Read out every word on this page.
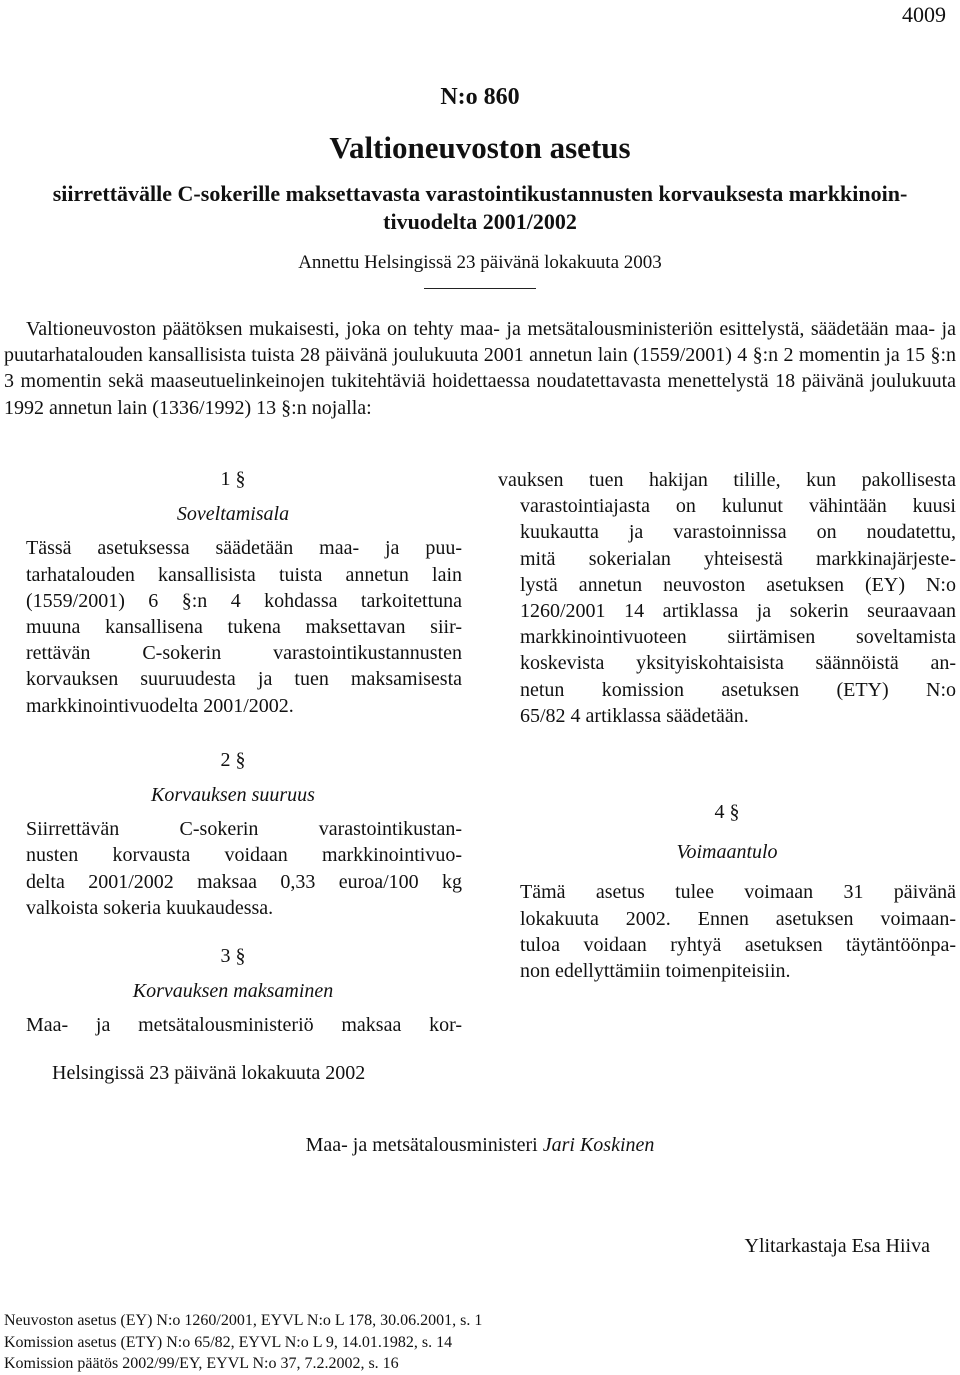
4009
N:o 860
Valtioneuvoston asetus
siirrettävälle C-sokerille maksettavasta varastointikustannusten korvauksesta markkinoin-
tivuodelta 2001/2002
Annettu Helsingissä 23 päivänä lokakuuta 2003
Valtioneuvoston päätöksen mukaisesti, joka on tehty maa- ja metsätalousministeriön esittelystä, säädetään maa- ja puutarhatalouden kansallisista tuista 28 päivänä joulukuuta 2001 annetun lain (1559/2001) 4 §:n 2 momentin ja 15 §:n 3 momentin sekä maaseutuelinkeinojen tukitehtäviä hoidettaessa noudatettavasta menettelystä 18 päivänä joulukuuta 1992 annetun lain (1336/1992) 13 §:n nojalla:
1 §
Soveltamisala
Tässä asetuksessa säädetään maa- ja puu-
tarhatalouden kansallisista tuista annetun lain
(1559/2001) 6 §:n 4 kohdassa tarkoitettuna
muuna kansallisena tukena maksettavan siir-
rettävän C-sokerin varastointikustannusten
korvauksen suuruudesta ja tuen maksamisesta
markkinointivuodelta 2001/2002.
2 §
Korvauksen suuruus
Siirrettävän C-sokerin varastointikustan-
nusten korvausta voidaan markkinointivuo-
delta 2001/2002 maksaa 0,33 euroa/100 kg
valkoista sokeria kuukaudessa.
3 §
Korvauksen maksaminen
Maa- ja metsätalousministeriö maksaa kor-
vauksen tuen hakijan tilille, kun pakollisesta
varastointiajasta on kulunut vähintään kuusi
kuukautta ja varastoinnissa on noudatettu,
mitä sokerialan yhteisestä markkinajärjeste-
lystä annetun neuvoston asetuksen (EY) N:o
1260/2001 14 artiklassa ja sokerin seuraavaan
markkinointivuoteen siirtämisen soveltamista
koskevista yksityiskohtaisista säännöistä an-
netun komission asetuksen (ETY) N:o
65/82 4 artiklassa säädetään.
4 §
Voimaantulo
Tämä asetus tulee voimaan 31 päivänä
lokakuuta 2002. Ennen asetuksen voimaan-
tuloa voidaan ryhtyä asetuksen täytäntöönpa-
non edellyttämiin toimenpiteisiin.
Helsingissä 23 päivänä lokakuuta 2002
Maa- ja metsätalousministeri Jari Koskinen
Ylitarkastaja Esa Hiiva
Neuvoston asetus (EY) N:o 1260/2001, EYVL N:o L 178, 30.06.2001, s. 1
Komission asetus (ETY) N:o 65/82, EYVL N:o L 9, 14.01.1982, s. 14
Komission päätös 2002/99/EY, EYVL N:o 37, 7.2.2002, s. 16
